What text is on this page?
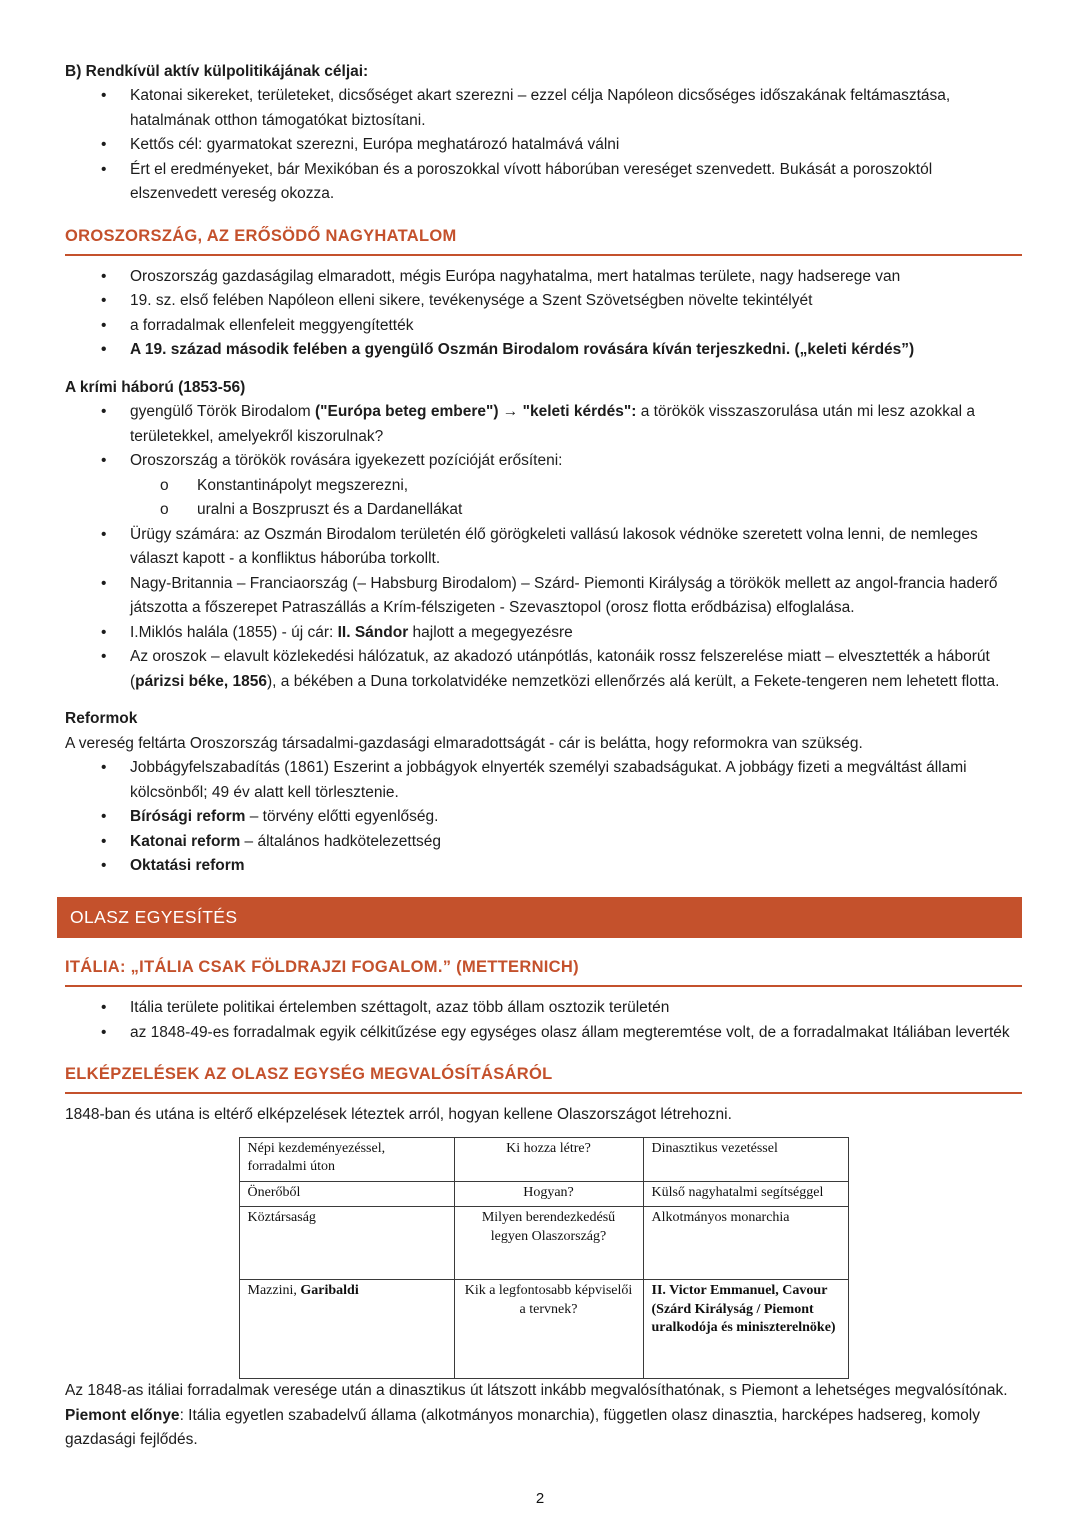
B) Rendkívül aktív külpolitikájának céljai:

•	Katonai sikereket, területeket, dicsőséget akart szerezni – ezzel célja Napóleon dicsőséges időszakának feltámasztása, hatalmának otthon támogatókat biztosítani.
•	Kettős cél: gyarmatokat szerezni, Európa meghatározó hatalmává válni
•	Ért el eredményeket, bár Mexikóban és a poroszokkal vívott háborúban vereséget szenvedett. Bukását a poroszoktól elszenvedett vereség okozza.
OROSZORSZÁG, AZ ERŐSÖDŐ NAGYHATALOM
•	Oroszország gazdaságilag elmaradott, mégis Európa nagyhatalma, mert hatalmas területe, nagy hadserege van
•	19. sz. első felében Napóleon elleni sikere, tevékenysége a Szent Szövetségben növelte tekintélyét
•	a forradalmak ellenfeleit meggyengítették
•	A 19. század második felében a gyengülő Oszmán Birodalom rovására kíván terjeszkedni. („keleti kérdés”)

A krími háború (1853-56)

•	gyengülő Török Birodalom ("Európa beteg embere") → "keleti kérdés": a törökök visszaszorulása után mi lesz azokkal a területekkel, amelyekről kiszorulnak?
•	Oroszország a törökök rovására igyekezett pozícióját erősíteni:
o	Konstantinápolyt megszerezni,
o	uralni a Boszpruszt és a Dardanellákat
•	Ürügy számára: az Oszmán Birodalom területén élő görögkeleti vallású lakosok védnöke szeretett volna lenni, de nemleges választ kapott - a konfliktus háborúba torkollt.
•	Nagy-Britannia – Franciaország (– Habsburg Birodalom) – Szárd- Piemonti Királyság a törökök mellett az angol-francia haderő játszotta a főszerepet Patraszállás a Krím-félszigeten - Szevasztopol (orosz flotta erődbázisa) elfoglalása.
•	I.Miklós halála (1855) - új cár: II. Sándor hajlott a megegyezésre
•	Az oroszok – elavult közlekedési hálózatuk, az akadozó utánpótlás, katonáik rossz felszerelése miatt – elvesztették a háborút (párizsi béke, 1856), a békében a Duna torkolatvidéke nemzetközi ellenőrzés alá került, a Fekete-tengeren nem lehetett flotta.

Reformok

A vereség feltárta Oroszország társadalmi-gazdasági elmaradottságát - cár is belátta, hogy reformokra van szükség.

•	Jobbágyfelszabadítás (1861) Eszerint a jobbágyok elnyerték személyi szabadságukat. A jobbágy fizeti a megváltást állami kölcsönből; 49 év alatt kell törlesztenie.
•	Bírósági reform – törvény előtti egyenlőség.
•	Katonai reform – általános hadkötelezettség
•	Oktatási reform
OLASZ EGYESÍTÉS
ITÁLIA: „ITÁLIA CSAK FÖLDRAJZI FOGALOM.” (METTERNICH)
•	Itália területe politikai értelemben széttagolt, azaz több állam osztozik területén
•	az 1848-49-es forradalmak egyik célkitűzése egy egységes olasz állam megteremtése volt, de a forradalmakat Itáliában leverték
ELKÉPZELÉSEK AZ OLASZ EGYSÉG MEGVALÓSÍTÁSÁRÓL

1848-ban és utána is eltérő elképzelések léteztek arról, hogyan kellene Olaszországot létrehozni.

Népi kezdeményezéssel, forradalmi úton	Ki hozza létre?	Dinasztikus vezetéssel
Önerőből	Hogyan?	Külső nagyhatalmi segítséggel
Köztársaság	Milyen berendezkedésű legyen Olaszország?	Alkotmányos monarchia
Mazzini, Garibaldi	Kik a legfontosabb képviselői a tervnek?	II. Victor Emmanuel, Cavour (Szárd Királyság / Piemont uralkodója és miniszterelnöke)

Az 1848-as itáliai forradalmak veresége után a dinasztikus út látszott inkább megvalósíthatónak, s Piemont a lehetséges megvalósítónak.

Piemont előnye: Itália egyetlen szabadelvű állama (alkotmányos monarchia), független olasz dinasztia, harcképes hadsereg, komoly gazdasági fejlődés.

2
